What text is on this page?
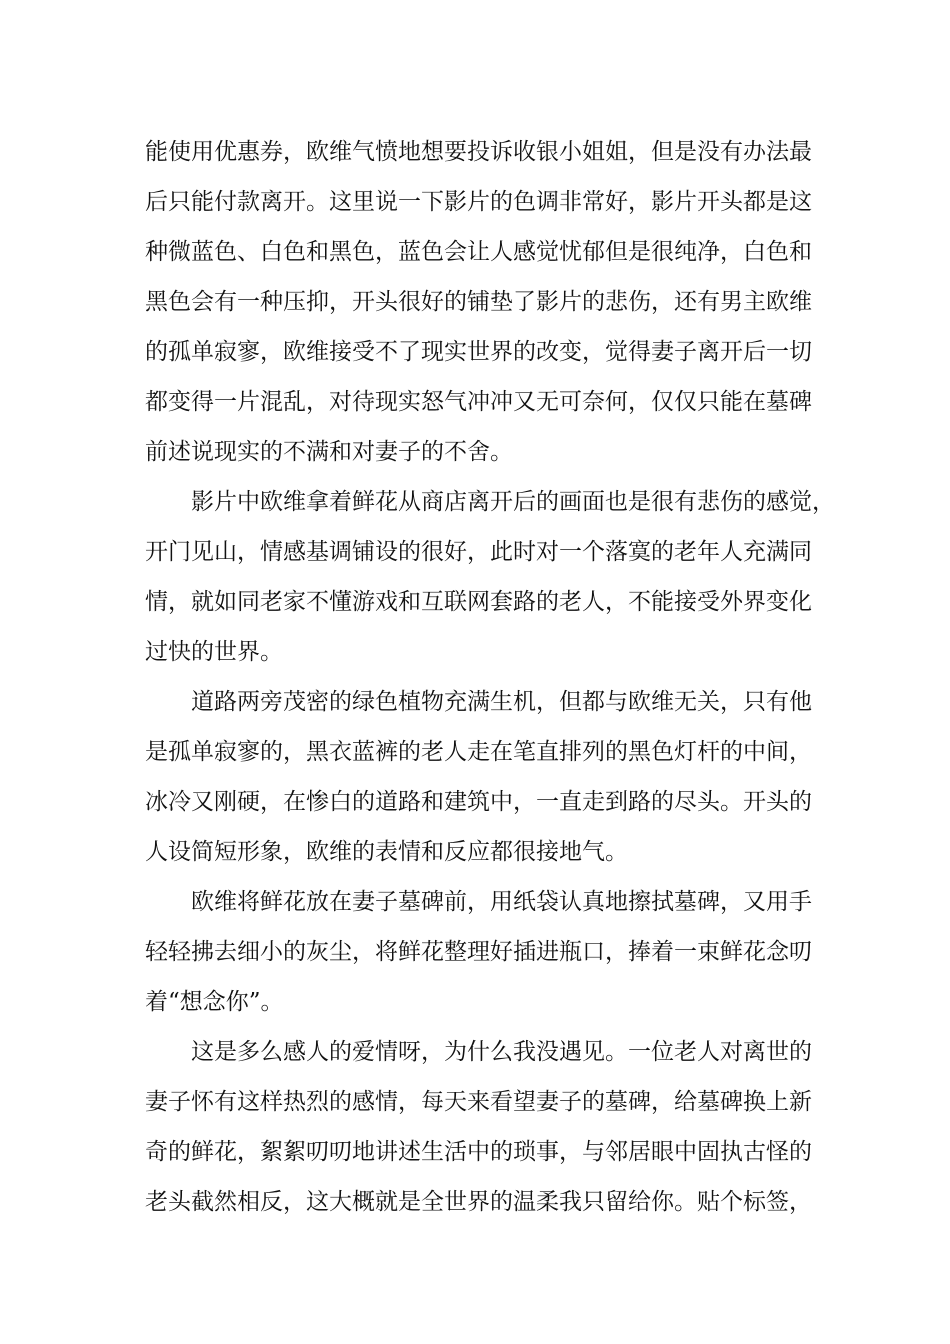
能使用优惠券，欧维气愤地想要投诉收银小姐姐，但是没有办法最
后只能付款离开。这里说一下影片的色调非常好，影片开头都是这
种微蓝色、白色和黑色，蓝色会让人感觉忧郁但是很纯净，白色和
黑色会有一种压抑，开头很好的铺垫了影片的悲伤，还有男主欧维
的孤单寂寥，欧维接受不了现实世界的改变，觉得妻子离开后一切
都变得一片混乱，对待现实怒气冲冲又无可奈何，仅仅只能在墓碑
前述说现实的不满和对妻子的不舍。
影片中欧维拿着鲜花从商店离开后的画面也是很有悲伤的感觉，
开门见山，情感基调铺设的很好，此时对一个落寞的老年人充满同
情，就如同老家不懂游戏和互联网套路的老人，不能接受外界变化
过快的世界。
道路两旁茂密的绿色植物充满生机，但都与欧维无关，只有他
是孤单寂寥的，黑衣蓝裤的老人走在笔直排列的黑色灯杆的中间，
冰冷又刚硬，在惨白的道路和建筑中，一直走到路的尽头。开头的
人设简短形象，欧维的表情和反应都很接地气。
欧维将鲜花放在妻子墓碑前，用纸袋认真地擦拭墓碑，又用手
轻轻拂去细小的灰尘，将鲜花整理好插进瓶口，捧着一束鲜花念叨
着“想念你”。
这是多么感人的爱情呀，为什么我没遇见。一位老人对离世的
妻子怀有这样热烈的感情，每天来看望妻子的墓碑，给墓碑换上新
奇的鲜花，絮絮叨叨地讲述生活中的琐事，与邻居眼中固执古怪的
老头截然相反，这大概就是全世界的温柔我只留给你。贴个标签，
